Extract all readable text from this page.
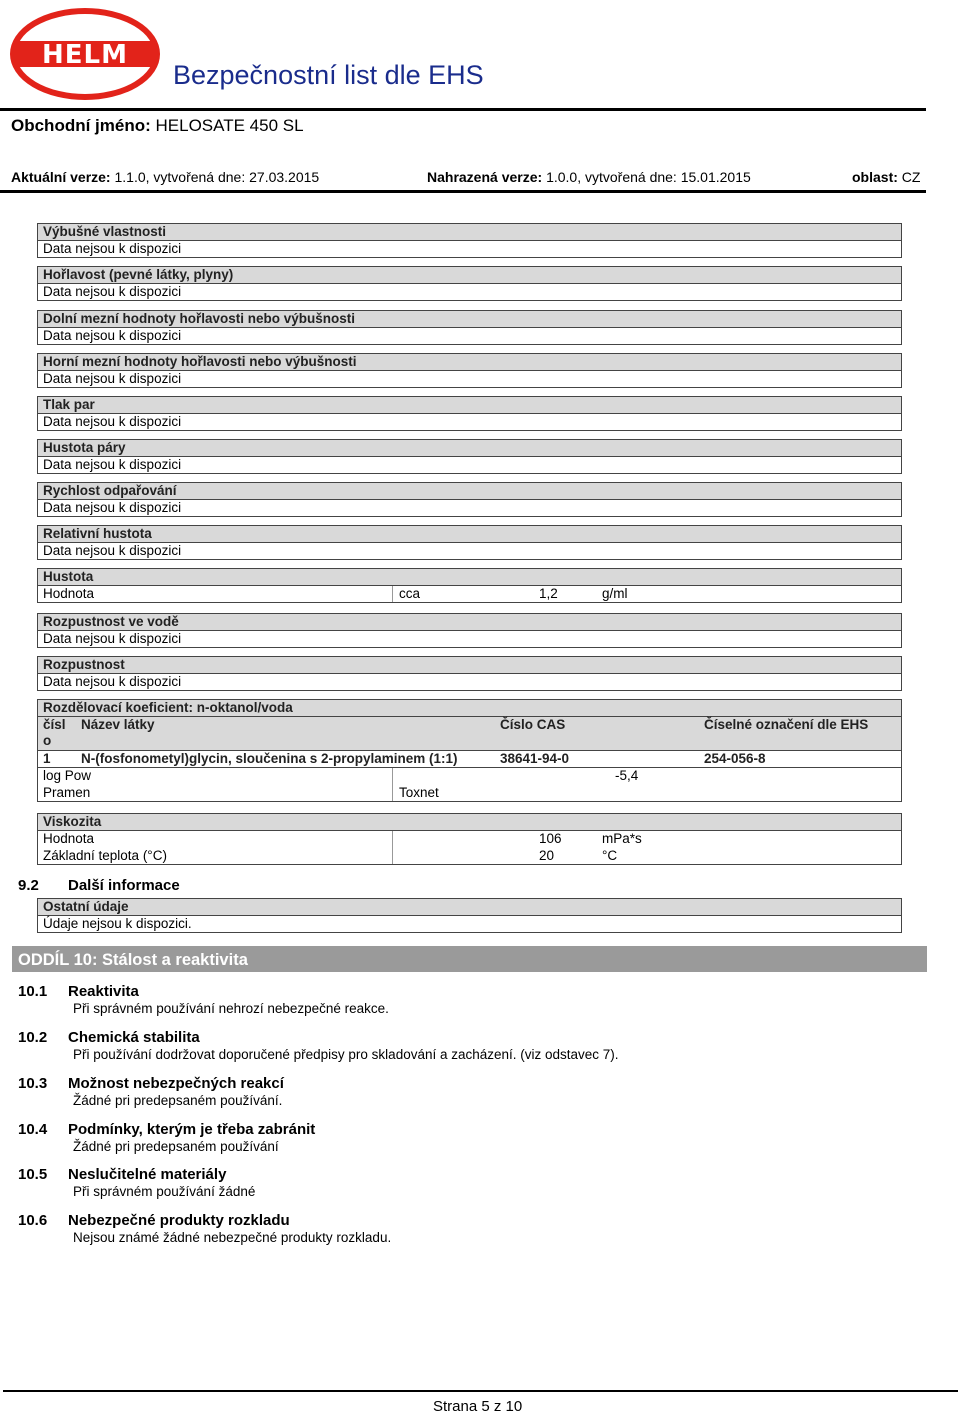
HELM
Bezpečnostní list dle EHS
Obchodní jméno: HELOSATE 450 SL
Aktuální verze: 1.1.0, vytvořená dne: 27.03.2015	Nahrazená verze: 1.0.0, vytvořená dne: 15.01.2015	oblast: CZ
Výbušné vlastnosti
Data nejsou k dispozici
Hořlavost (pevné látky, plyny)
Data nejsou k dispozici
Dolní mezní hodnoty hořlavosti nebo výbušnosti
Data nejsou k dispozici
Horní mezní hodnoty hořlavosti nebo výbušnosti
Data nejsou k dispozici
Tlak par
Data nejsou k dispozici
Hustota páry
Data nejsou k dispozici
Rychlost odpařování
Data nejsou k dispozici
Relativní hustota
Data nejsou k dispozici
Hustota
Hodnota	cca	1,2	g/ml
Rozpustnost ve vodě
Data nejsou k dispozici
Rozpustnost
Data nejsou k dispozici
Rozdělovací koeficient: n-oktanol/voda
čísl
o
Název látky	Číslo CAS	Číselné označení dle EHS
1 N-(fosfonometyl)glycin, sloučenina s 2-propylaminem (1:1)	38641-94-0	254-056-8
log Pow	-5,4
Pramen	Toxnet
Viskozita
Hodnota	106	mPa*s
Základní teplota (°C)	20	°C
9.2 Další informace
Ostatní údaje
Údaje nejsou k dispozici.
ODDÍL 10: Stálost a reaktivita
10.1 Reaktivita
Při správném používání nehrozí nebezpečné reakce.
10.2 Chemická stabilita
Při používání dodržovat doporučené předpisy pro skladování a zacházení. (viz odstavec 7).
10.3 Možnost nebezpečných reakcí
Žádné pri predepsaném používání.
10.4 Podmínky, kterým je třeba zabránit
Žádné pri predepsaném používání
10.5 Neslučitelné materiály
Při správném používání žádné
10.6 Nebezpečné produkty rozkladu
Nejsou známé žádné nebezpečné produkty rozkladu.
Strana 5 z 10
